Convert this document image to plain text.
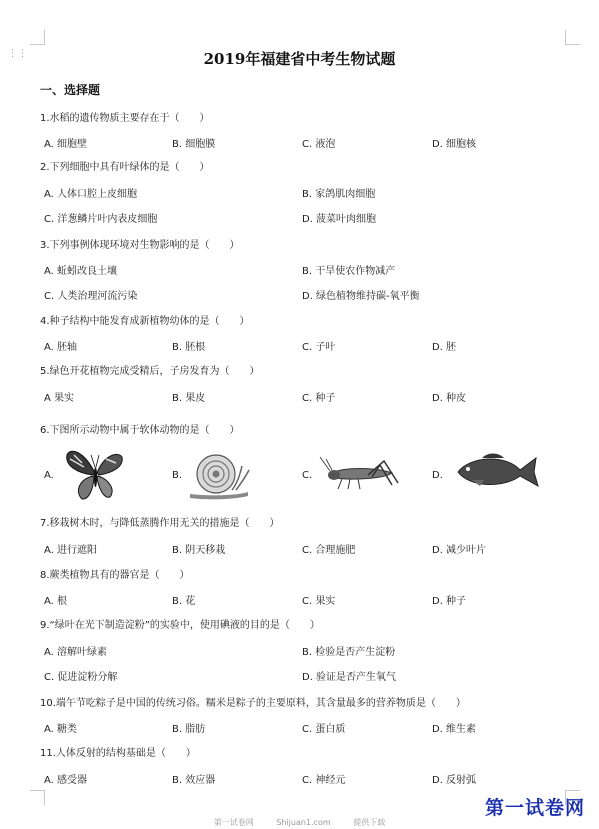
⋮⋮	2019年福建省中考生物试题
一、选择题
1.水稻的遗传物质主要存在于（　　）
A. 细胞壁	B. 细胞膜	C. 液泡	D. 细胞核
2.下列细胞中具有叶绿体的是（　　）
A. 人体口腔上皮细胞	B. 家鸽肌肉细胞
C. 洋葱鳞片叶内表皮细胞	D. 菠菜叶肉细胞
3.下列事例体现环境对生物影响的是（　　）
A. 蚯蚓改良土壤	B. 干旱使农作物减产
C. 人类治理河流污染	D. 绿色植物维持碳-氧平衡
4.种子结构中能发育成新植物幼体的是（　　）
A. 胚轴	B. 胚根	C. 子叶	D. 胚
5.绿色开花植物完成受精后，子房发育为（　　）
A 果实	B. 果皮	C. 种子	D. 种皮
6.下图所示动物中属于软体动物的是（　　）
A.	B.	C.	D.
7.移栽树木时，与降低蒸腾作用无关的措施是（　　）
A. 进行遮阳	B. 阴天移栽	C. 合理施肥	D. 减少叶片
8.蕨类植物具有的器官是（　　）
A. 根	B. 花	C. 果实	D. 种子
9.“绿叶在光下制造淀粉”的实验中，使用碘液的目的是（　　）
A. 溶解叶绿素	B. 检验是否产生淀粉
C. 促进淀粉分解	D. 验证是否产生氧气
10.端午节吃粽子是中国的传统习俗。糯米是粽子的主要原料，其含量最多的营养物质是（　　）
A. 糖类	B. 脂肪	C. 蛋白质	D. 维生素
11.人体反射的结构基础是（　　）
A. 感受器	B. 效应器	C. 神经元	D. 反射弧
第一试卷网	Shijuan1.com	提供下载
第一试卷网
